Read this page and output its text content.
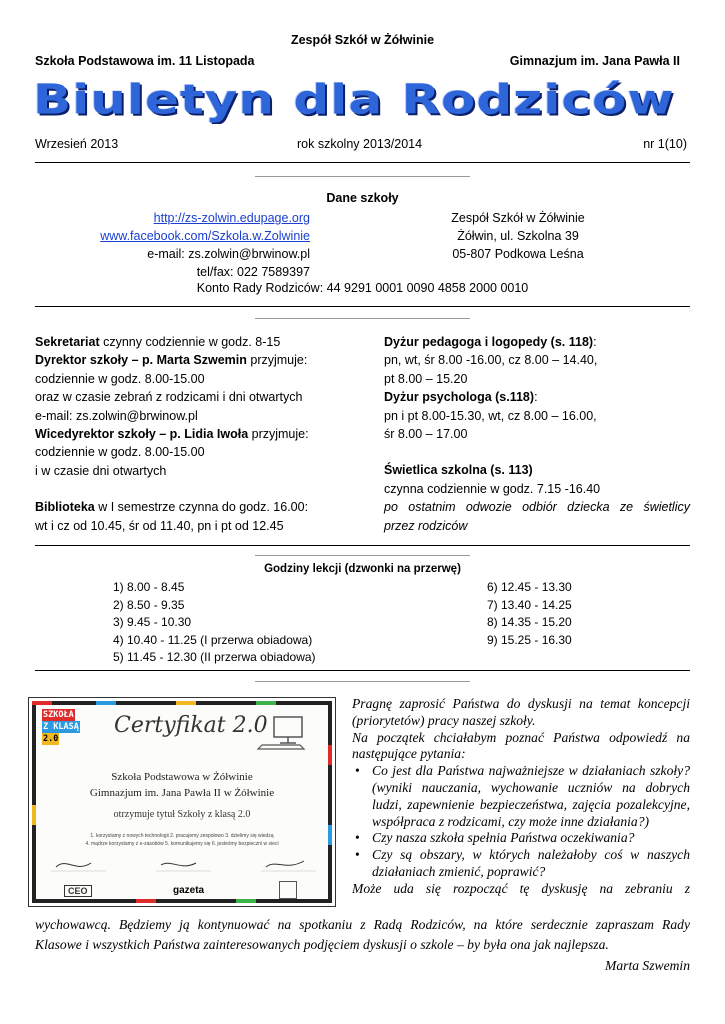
Zespół Szkół w Żółwinie
Szkoła Podstawowa im. 11 Listopada	Gimnazjum im. Jana Pawła II
Biuletyn dla Rodziców
Wrzesień 2013	rok szkolny 2013/2014	nr 1(10)
Dane szkoły
http://zs-zolwin.edupage.org
www.facebook.com/Szkola.w.Zolwinie
e-mail: zs.zolwin@brwinow.pl
tel/fax: 022 7589397
Zespół Szkół w Żółwinie
Żółwin, ul. Szkolna 39
05-807 Podkowa Leśna
Konto Rady Rodziców: 44 9291 0001 0090 4858 2000 0010
Sekretariat czynny codziennie w godz. 8-15
Dyrektor szkoły – p. Marta Szwemin przyjmuje:
codziennie w godz. 8.00-15.00
oraz w czasie zebrań z rodzicami i dni otwartych
e-mail: zs.zolwin@brwinow.pl
Wicedyrektor szkoły – p. Lidia Iwoła przyjmuje:
codziennie w godz. 8.00-15.00
i w czasie dni otwartych
Biblioteka w I semestrze czynna do godz. 16.00:
wt i cz od 10.45, śr od 11.40, pn i pt od 12.45
Dyżur pedagoga i logopedy (s. 118):
pn, wt, śr 8.00 -16.00, cz 8.00 – 14.40,
pt 8.00 – 15.20
Dyżur psychologa (s.118):
pn i pt 8.00-15.30, wt, cz 8.00 – 16.00,
śr 8.00 – 17.00
Świetlica szkolna (s. 113)
czynna codziennie w godz. 7.15 -16.40
po ostatnim odwozie odbiór dziecka ze świetlicy
przez rodziców
Godziny lekcji (dzwonki na przerwę)
1) 8.00 - 8.45
2) 8.50 - 9.35
3) 9.45 - 10.30
4) 10.40 - 11.25 (I przerwa obiadowa)
5) 11.45 - 12.30 (II przerwa obiadowa)
6) 12.45 - 13.30
7) 13.40 - 14.25
8) 14.35 - 15.20
9) 15.25 - 16.30
SZKOŁA Z KLASĄ 2.0
Certyfikat 2.0
Szkoła Podstawowa w Żółwinie
Gimnazjum im. Jana Pawła II w Żółwinie
otrzymuje tytuł Szkoły z klasą 2.0
1. korzystamy z nowych technologii 2. pracujemy zespołowo 3. dzielimy się wiedzą
4. mądrze korzystamy z e-zasobów 5. komunikujemy się 6. jesteśmy bezpieczni w sieci
CEO	gazeta
Pragnę zaprosić Państwa do dyskusji na temat koncepcji (priorytetów) pracy naszej szkoły.
Na początek chciałabym poznać Państwa odpowiedź na następujące pytania:
• Co jest dla Państwa najważniejsze w działaniach szkoły?(wyniki nauczania, wychowanie uczniów na dobrych ludzi, zapewnienie bezpieczeństwa, zajęcia pozalekcyjne, współpraca z rodzicami, czy może inne działania?)
• Czy nasza szkoła spełnia Państwa oczekiwania?
• Czy są obszary, w których należałoby coś w naszych działaniach zmienić, poprawić?
Może uda się rozpocząć tę dyskusję na zebraniu z
wychowawcą. Będziemy ją kontynuować na spotkaniu z Radą Rodziców, na które serdecznie zapraszam Rady
Klasowe i wszystkich Państwa zainteresowanych podjęciem dyskusji o szkole – by była ona jak najlepsza.
Marta Szwemin
